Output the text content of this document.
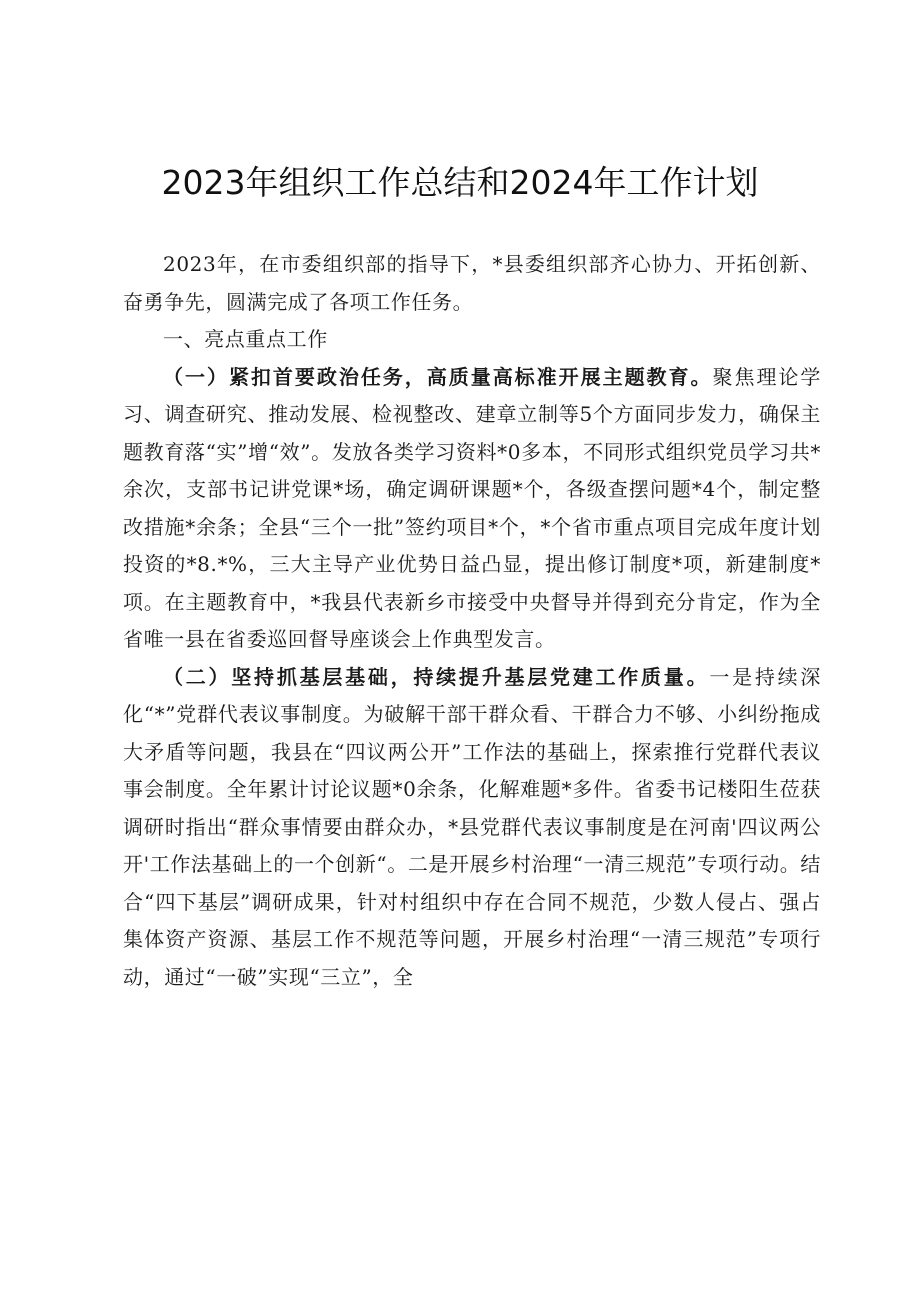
2023年组织工作总结和2024年工作计划

2023年，在市委组织部的指导下，*县委组织部齐心协力、开拓创新、奋勇争先，圆满完成了各项工作任务。

一、亮点重点工作

（一）紧扣首要政治任务，高质量高标准开展主题教育。聚焦理论学习、调查研究、推动发展、检视整改、建章立制等5个方面同步发力，确保主题教育落“实”增“效”。发放各类学习资料*0多本，不同形式组织党员学习共*余次，支部书记讲党课*场，确定调研课题*个，各级查摆问题*4个，制定整改措施*余条；全县“三个一批”签约项目*个，*个省市重点项目完成年度计划投资的*8.*%，三大主导产业优势日益凸显，提出修订制度*项，新建制度*项。在主题教育中，*我县代表新乡市接受中央督导并得到充分肯定，作为全省唯一县在省委巡回督导座谈会上作典型发言。

（二）坚持抓基层基础，持续提升基层党建工作质量。一是持续深化“*”党群代表议事制度。为破解干部干群众看、干群合力不够、小纠纷拖成大矛盾等问题，我县在“四议两公开”工作法的基础上，探索推行党群代表议事会制度。全年累计讨论议题*0余条，化解难题*多件。省委书记楼阳生莅获调研时指出“群众事情要由群众办，*县党群代表议事制度是在河南'四议两公开'工作法基础上的一个创新“。二是开展乡村治理“一清三规范”专项行动。结合“四下基层”调研成果，针对村组织中存在合同不规范，少数人侵占、强占集体资产资源、基层工作不规范等问题，开展乡村治理“一清三规范”专项行动，通过“一破”实现“三立”，全
